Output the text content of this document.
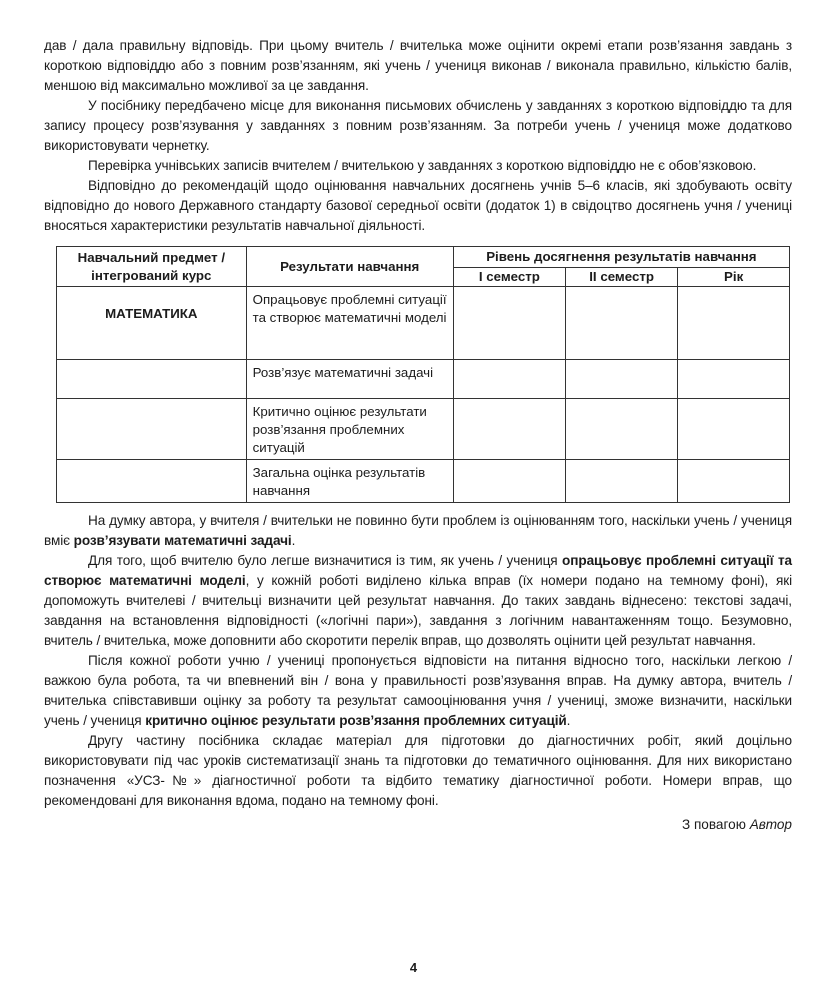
дав / дала правильну відповідь. При цьому вчитель / вчителька може оцінити окремі етапи розв’язання завдань з короткою відповіддю або з повним розв’язанням, які учень / учениця виконав / виконала правильно, кількістю балів, меншою від максимально можливої за це завдання.

У посібнику передбачено місце для виконання письмових обчислень у завданнях з короткою відповіддю та для запису процесу розв’язування у завданнях з повним розв’язанням. За потреби учень / учениця може додатково використовувати чернетку.

Перевірка учнівських записів вчителем / вчителькою у завданнях з короткою відповіддю не є обов’язковою.

Відповідно до рекомендацій щодо оцінювання навчальних досягнень учнів 5–6 класів, які здобувають освіту відповідно до нового Державного стандарту базової середньої освіти (додаток 1) в свідоцтво досягнень учня / учениці вносяться характеристики результатів навчальної діяльності.

Навчальний предмет / інтегрований курс	Результати навчання	Рівень досягнення результатів навчання		
		І семестр	ІІ семестр	Рік
МАТЕМАТИКА	Опрацьовує проблемні ситуації та створює математичні моделі			
	Розв’язує математичні задачі			
	Критично оцінює результати розв’язання проблемних ситуацій			
	Загальна оцінка результатів навчання			

На думку автора, у вчителя / вчительки не повинно бути проблем із оцінюванням того, наскільки учень / учениця вміє розв’язувати математичні задачі.

Для того, щоб вчителю було легше визначитися із тим, як учень / учениця опрацьовує проблемні ситуації та створює математичні моделі, у кожній роботі виділено кілька вправ (їх номери подано на темному фоні), які допоможуть вчителеві / вчительці визначити цей результат навчання. До таких завдань віднесено: текстові задачі, завдання на встановлення відповідності («логічні пари»), завдання з логічним навантаженням тощо. Безумовно, вчитель / вчителька, може доповнити або скоротити перелік вправ, що дозволять оцінити цей результат навчання.

Після кожної роботи учню / учениці пропонується відповісти на питання відносно того, наскільки легкою / важкою була робота, та чи впевнений він / вона у правильності розв’язування вправ. На думку автора, вчитель / вчителька співставивши оцінку за роботу та результат самооцінювання учня / учениці, зможе визначити, наскільки учень / учениця критично оцінює результати розв’язання проблемних ситуацій.

Другу частину посібника складає матеріал для підготовки до діагностичних робіт, який доцільно використовувати під час уроків систематизації знань та підготовки до тематичного оцінювання. Для них використано позначення «УСЗ-№» діагностичної роботи та відбито тематику діагностичної роботи. Номери вправ, що рекомендовані для виконання вдома, подано на темному фоні.

З повагою Автор
4
